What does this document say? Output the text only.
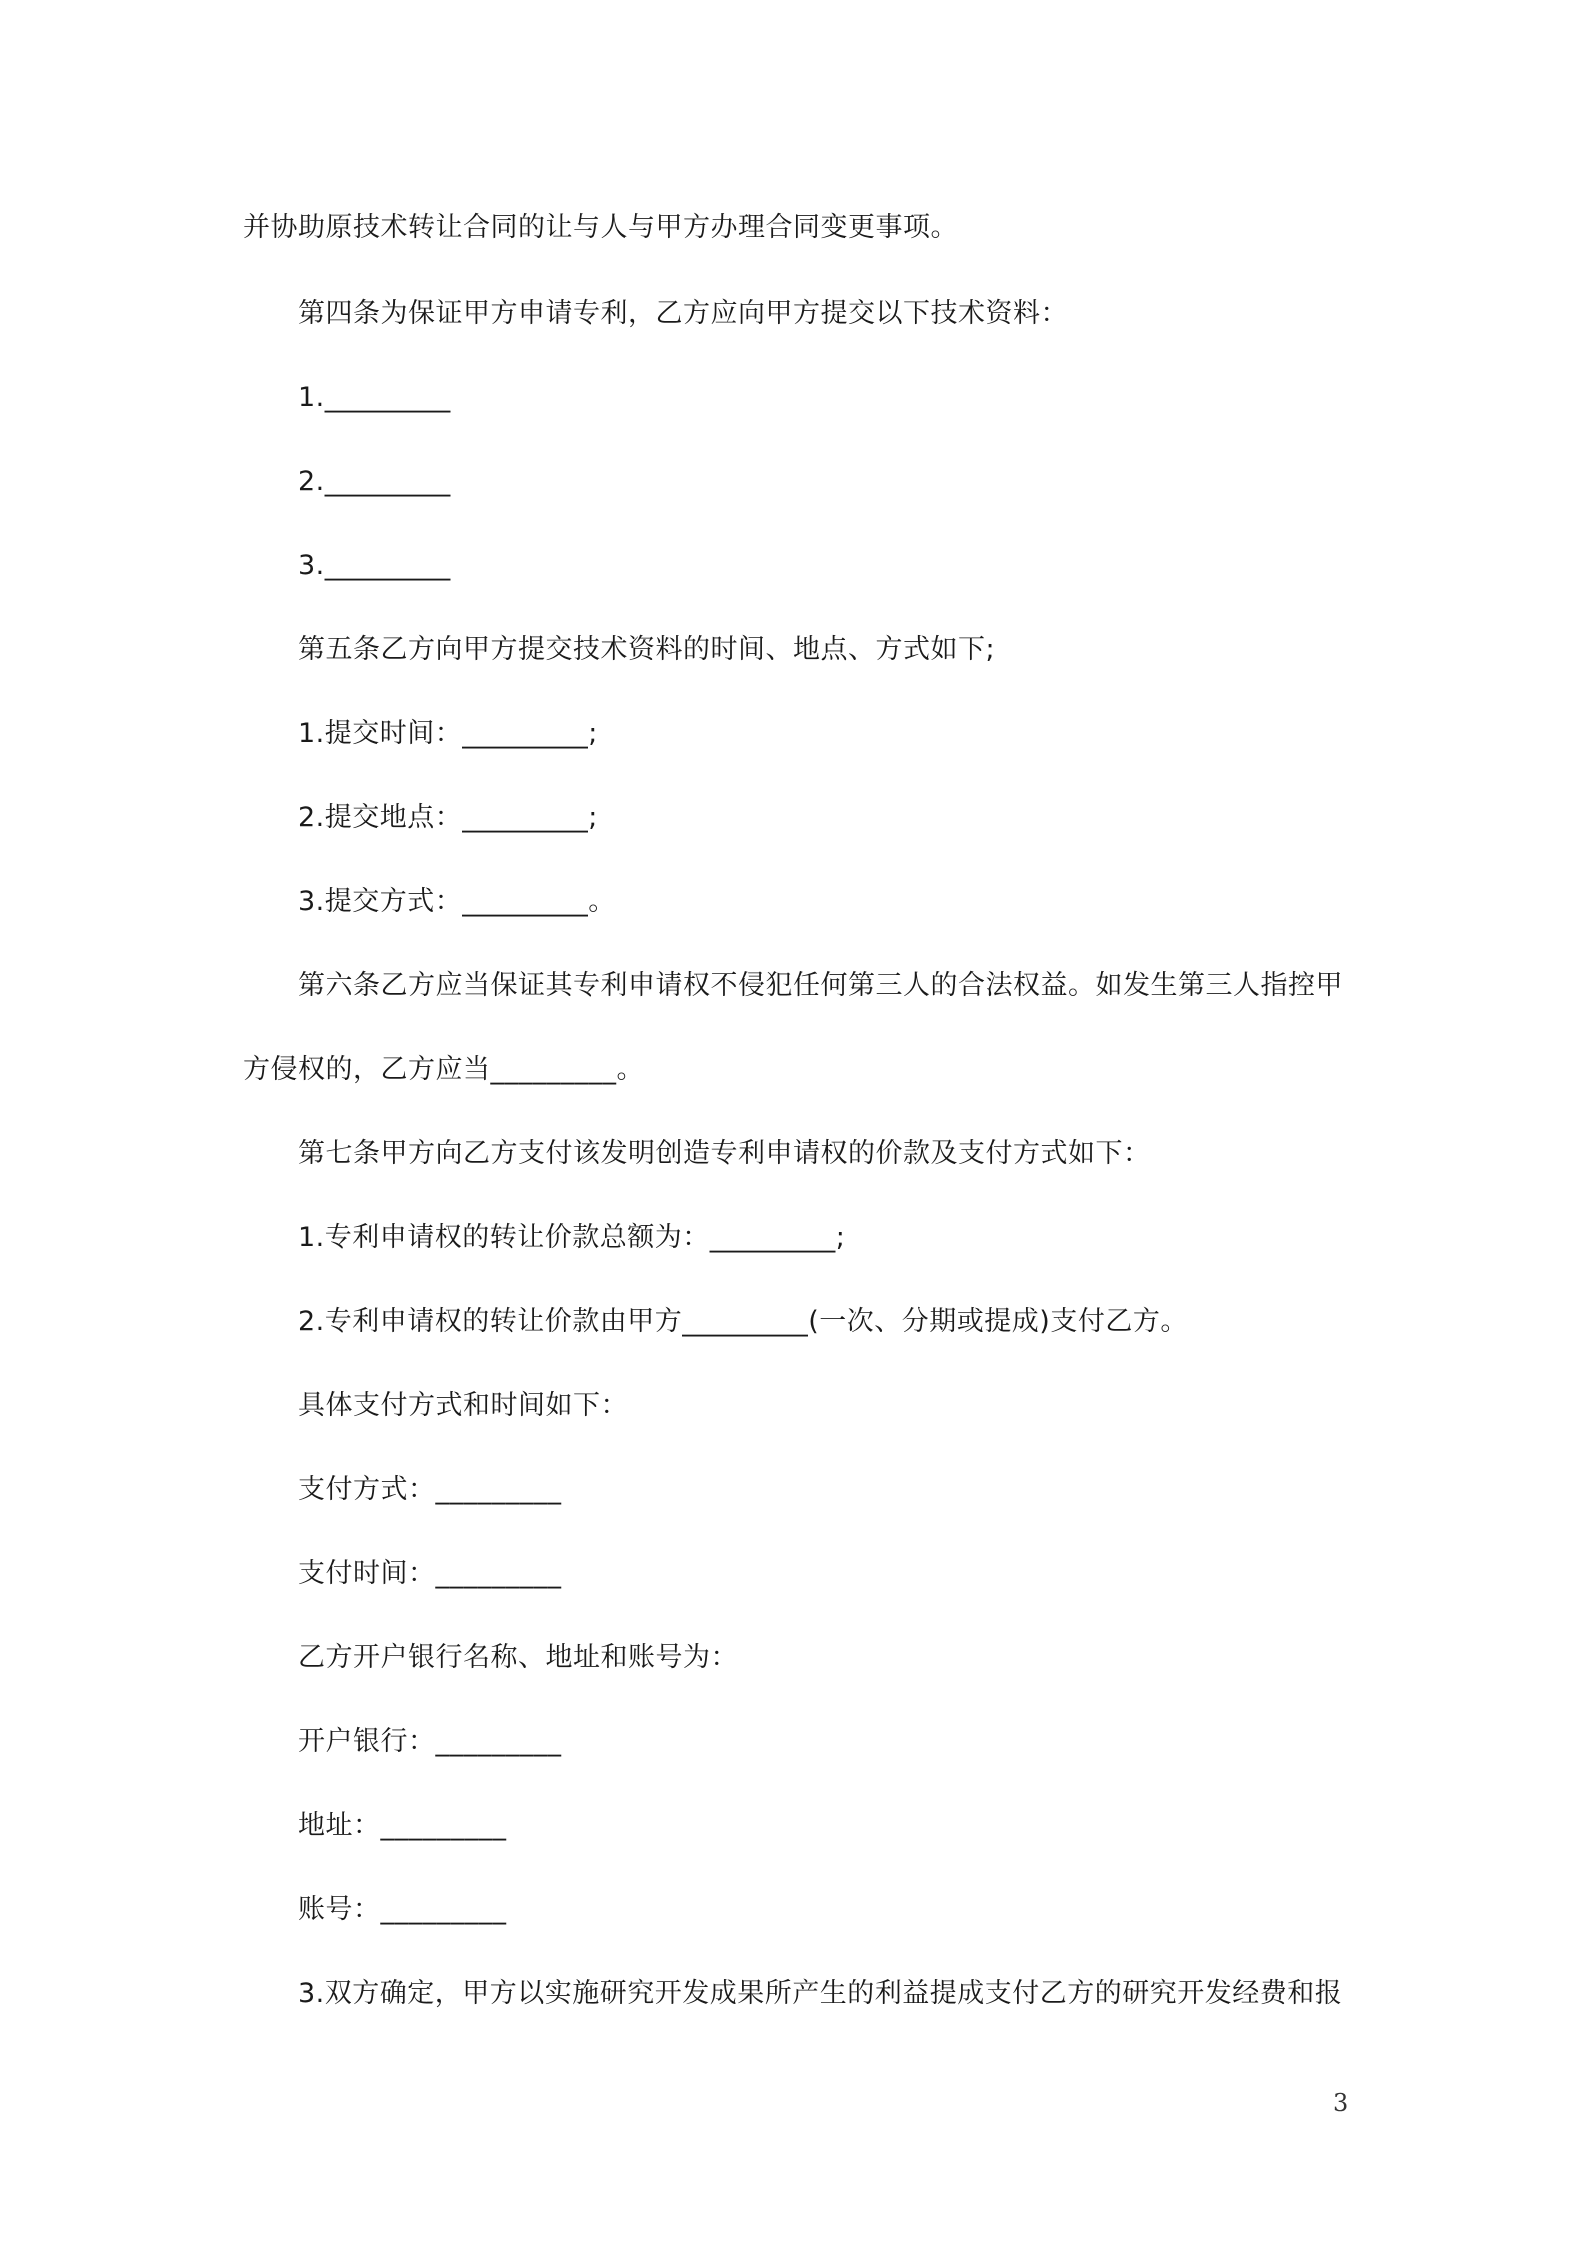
并协助原技术转让合同的让与人与甲方办理合同变更事项。
第四条为保证甲方申请专利，乙方应向甲方提交以下技术资料：
1._________
2._________
3._________
第五条乙方向甲方提交技术资料的时间、地点、方式如下;
1.提交时间：_________;
2.提交地点：_________;
3.提交方式：_________。
第六条乙方应当保证其专利申请权不侵犯任何第三人的合法权益。如发生第三人指控甲
方侵权的，乙方应当_________。
第七条甲方向乙方支付该发明创造专利申请权的价款及支付方式如下：
1.专利申请权的转让价款总额为：_________;
2.专利申请权的转让价款由甲方_________(一次、分期或提成)支付乙方。
具体支付方式和时间如下：
支付方式：_________
支付时间：_________
乙方开户银行名称、地址和账号为：
开户银行：_________
地址：_________
账号：_________
3.双方确定，甲方以实施研究开发成果所产生的利益提成支付乙方的研究开发经费和报
3
